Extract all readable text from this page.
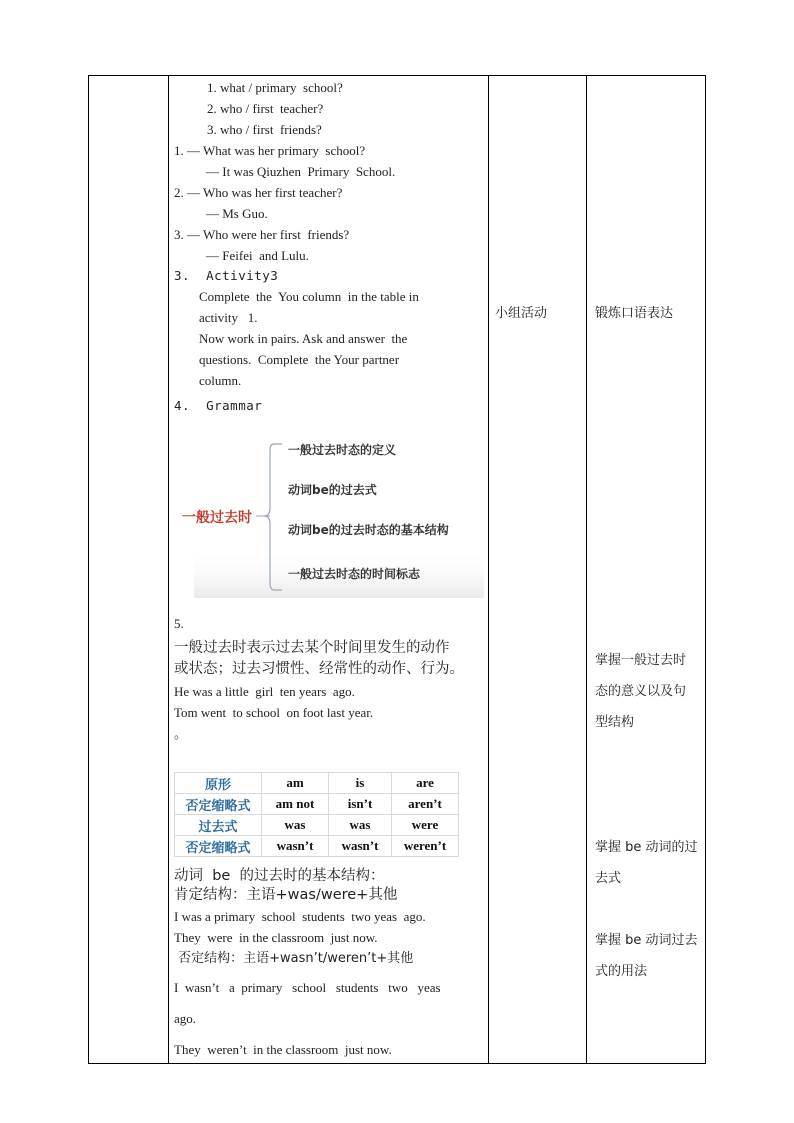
1. what / primary  school?
2. who / first  teacher?
3. who / first  friends?
1. — What was her primary  school?
— It was Qiuzhen  Primary  School.
2. — Who was her first teacher?
— Ms Guo.
3. — Who were her first  friends?
— Feifei  and Lulu.
3.  Activity3
Complete  the  You column  in the table in
activity   1.
Now work in pairs. Ask and answer  the
questions.  Complete  the Your partner
column.
4.  Grammar
一般过去时
一般过去时态的定义
动词be的过去式
动词be的过去时态的基本结构
一般过去时态的时间标志
5.
一般过去时表示过去某个时间里发生的动作
或状态；过去习惯性、经常性的动作、行为。
He was a little  girl  ten years  ago.
Tom went  to school  on foot last year.
。
原形	am	is	are
否定缩略式	am not	isn’t	aren’t
过去式	was	was	were
否定缩略式	wasn’t	wasn’t	weren’t
动词  be  的过去时的基本结构：
肯定结构：主语+was/were+其他
I was a primary  school  students  two yeas  ago.
They  were  in the classroom  just now.
否定结构：主语+wasn’t/weren’t+其他
I  wasn’t   a  primary   school   students   two   yeas
ago.
They  weren’t  in the classroom  just now.
小组活动	锻炼口语表达
掌握一般过去时
态的意义以及句
型结构
掌握 be 动词的过
去式
掌握 be 动词过去
式的用法
